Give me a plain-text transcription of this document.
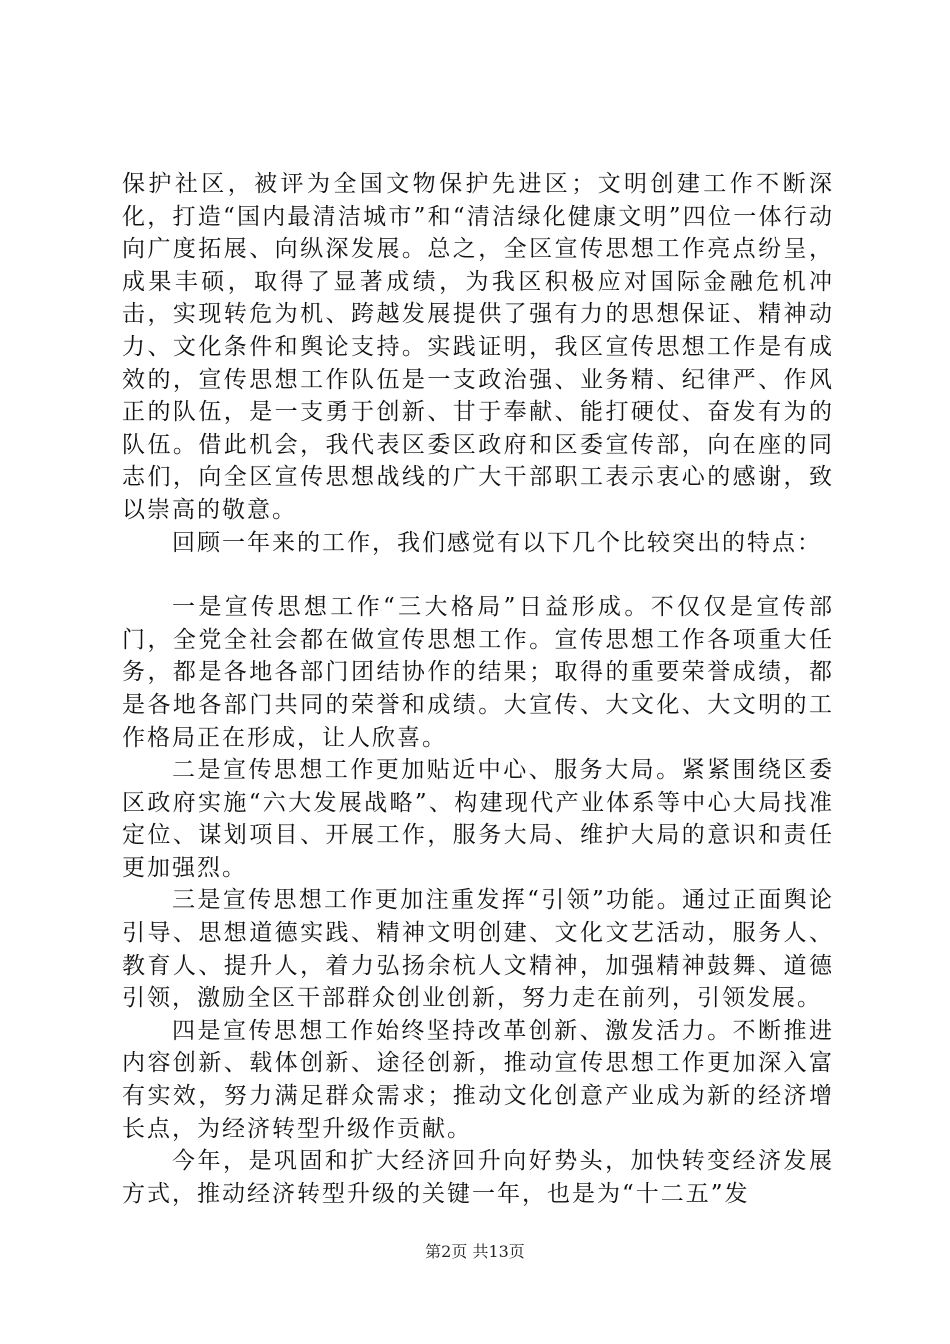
保护社区，被评为全国文物保护先进区；文明创建工作不断深化，打造“国内最清洁城市”和“清洁绿化健康文明”四位一体行动向广度拓展、向纵深发展。总之，全区宣传思想工作亮点纷呈，成果丰硕，取得了显著成绩，为我区积极应对国际金融危机冲击，实现转危为机、跨越发展提供了强有力的思想保证、精神动力、文化条件和舆论支持。实践证明，我区宣传思想工作是有成效的，宣传思想工作队伍是一支政治强、业务精、纪律严、作风正的队伍，是一支勇于创新、甘于奉献、能打硬仗、奋发有为的队伍。借此机会，我代表区委区政府和区委宣传部，向在座的同志们，向全区宣传思想战线的广大干部职工表示衷心的感谢，致以崇高的敬意。

回顾一年来的工作，我们感觉有以下几个比较突出的特点：

一是宣传思想工作“三大格局”日益形成。不仅仅是宣传部门，全党全社会都在做宣传思想工作。宣传思想工作各项重大任务，都是各地各部门团结协作的结果；取得的重要荣誉成绩，都是各地各部门共同的荣誉和成绩。大宣传、大文化、大文明的工作格局正在形成，让人欣喜。

二是宣传思想工作更加贴近中心、服务大局。紧紧围绕区委区政府实施“六大发展战略”、构建现代产业体系等中心大局找准定位、谋划项目、开展工作，服务大局、维护大局的意识和责任更加强烈。

三是宣传思想工作更加注重发挥“引领”功能。通过正面舆论引导、思想道德实践、精神文明创建、文化文艺活动，服务人、教育人、提升人，着力弘扬余杭人文精神，加强精神鼓舞、道德引领，激励全区干部群众创业创新，努力走在前列，引领发展。

四是宣传思想工作始终坚持改革创新、激发活力。不断推进内容创新、载体创新、途径创新，推动宣传思想工作更加深入富有实效，努力满足群众需求；推动文化创意产业成为新的经济增长点，为经济转型升级作贡献。

今年，是巩固和扩大经济回升向好势头，加快转变经济发展方式，推动经济转型升级的关键一年，也是为“十二五”发

第2页 共13页
